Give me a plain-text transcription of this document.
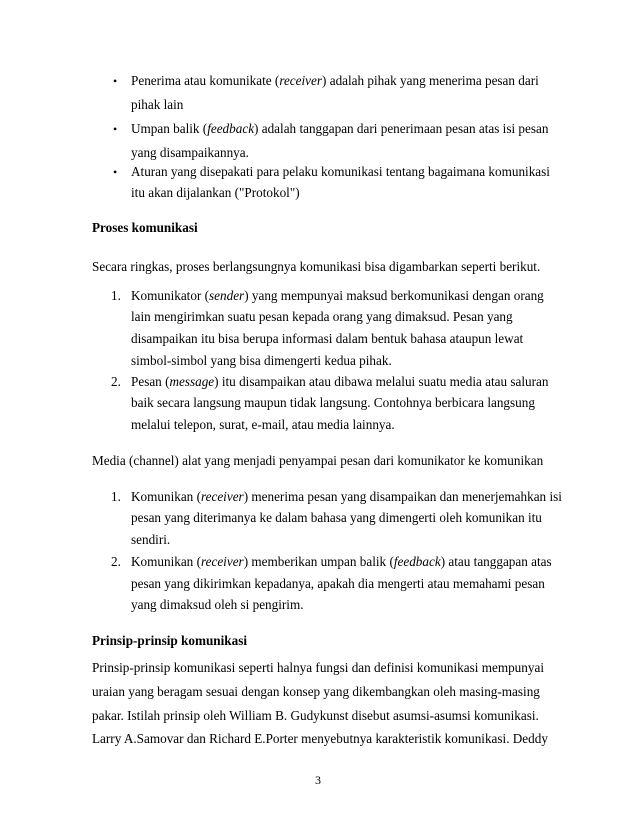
• Penerima atau komunikate (receiver) adalah pihak yang menerima pesan dari
pihak lain
• Umpan balik (feedback) adalah tanggapan dari penerimaan pesan atas isi pesan
yang disampaikannya.
• Aturan yang disepakati para pelaku komunikasi tentang bagaimana komunikasi
itu akan dijalankan ("Protokol")
Proses komunikasi
Secara ringkas, proses berlangsungnya komunikasi bisa digambarkan seperti berikut.
1. Komunikator (sender) yang mempunyai maksud berkomunikasi dengan orang
lain mengirimkan suatu pesan kepada orang yang dimaksud. Pesan yang
disampaikan itu bisa berupa informasi dalam bentuk bahasa ataupun lewat
simbol-simbol yang bisa dimengerti kedua pihak.
2. Pesan (message) itu disampaikan atau dibawa melalui suatu media atau saluran
baik secara langsung maupun tidak langsung. Contohnya berbicara langsung
melalui telepon, surat, e-mail, atau media lainnya.
Media (channel) alat yang menjadi penyampai pesan dari komunikator ke komunikan
1. Komunikan (receiver) menerima pesan yang disampaikan dan menerjemahkan isi
pesan yang diterimanya ke dalam bahasa yang dimengerti oleh komunikan itu
sendiri.
2. Komunikan (receiver) memberikan umpan balik (feedback) atau tanggapan atas
pesan yang dikirimkan kepadanya, apakah dia mengerti atau memahami pesan
yang dimaksud oleh si pengirim.
Prinsip-prinsip komunikasi
Prinsip-prinsip komunikasi seperti halnya fungsi dan definisi komunikasi mempunyai
uraian yang beragam sesuai dengan konsep yang dikembangkan oleh masing-masing
pakar. Istilah prinsip oleh William B. Gudykunst disebut asumsi-asumsi komunikasi.
Larry A.Samovar dan Richard E.Porter menyebutnya karakteristik komunikasi. Deddy
3
